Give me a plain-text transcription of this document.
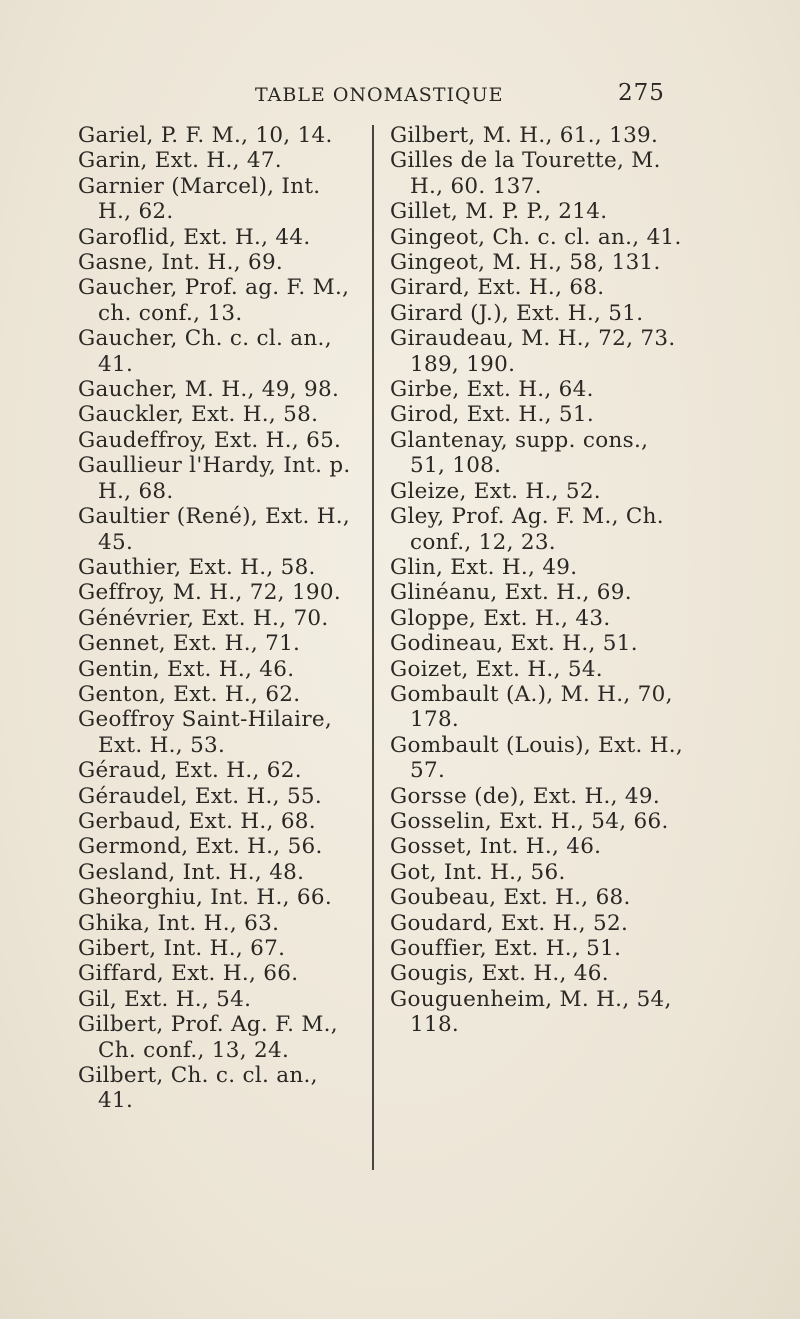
TABLE ONOMASTIQUE	275
Gariel, P. F. M., 10, 14.
Garin, Ext. H., 47.
Garnier (Marcel), Int. H., 62.
Garoflid, Ext. H., 44.
Gasne, Int. H., 69.
Gaucher, Prof. ag. F. M., ch. conf., 13.
Gaucher, Ch. c. cl. an., 41.
Gaucher, M. H., 49, 98.
Gauckler, Ext. H., 58.
Gaudeffroy, Ext. H., 65.
Gaullieur l'Hardy, Int. p. H., 68.
Gaultier (René), Ext. H., 45.
Gauthier, Ext. H., 58.
Geffroy, M. H., 72, 190.
Génévrier, Ext. H., 70.
Gennet, Ext. H., 71.
Gentin, Ext. H., 46.
Genton, Ext. H., 62.
Geoffroy Saint-Hilaire, Ext. H., 53.
Géraud, Ext. H., 62.
Géraudel, Ext. H., 55.
Gerbaud, Ext. H., 68.
Germond, Ext. H., 56.
Gesland, Int. H., 48.
Gheorghiu, Int. H., 66.
Ghika, Int. H., 63.
Gibert, Int. H., 67.
Giffard, Ext. H., 66.
Gil, Ext. H., 54.
Gilbert, Prof. Ag. F. M., Ch. conf., 13, 24.
Gilbert, Ch. c. cl. an., 41.
Gilbert, M. H., 61., 139.
Gilles de la Tourette, M. H., 60. 137.
Gillet, M. P. P., 214.
Gingeot, Ch. c. cl. an., 41.
Gingeot, M. H., 58, 131.
Girard, Ext. H., 68.
Girard (J.), Ext. H., 51.
Giraudeau, M. H., 72, 73. 189, 190.
Girbe, Ext. H., 64.
Girod, Ext. H., 51.
Glantenay, supp. cons., 51, 108.
Gleize, Ext. H., 52.
Gley, Prof. Ag. F. M., Ch. conf., 12, 23.
Glin, Ext. H., 49.
Glinéanu, Ext. H., 69.
Gloppe, Ext. H., 43.
Godineau, Ext. H., 51.
Goizet, Ext. H., 54.
Gombault (A.), M. H., 70, 178.
Gombault (Louis), Ext. H., 57.
Gorsse (de), Ext. H., 49.
Gosselin, Ext. H., 54, 66.
Gosset, Int. H., 46.
Got, Int. H., 56.
Goubeau, Ext. H., 68.
Goudard, Ext. H., 52.
Gouffier, Ext. H., 51.
Gougis, Ext. H., 46.
Gouguenheim, M. H., 54, 118.
